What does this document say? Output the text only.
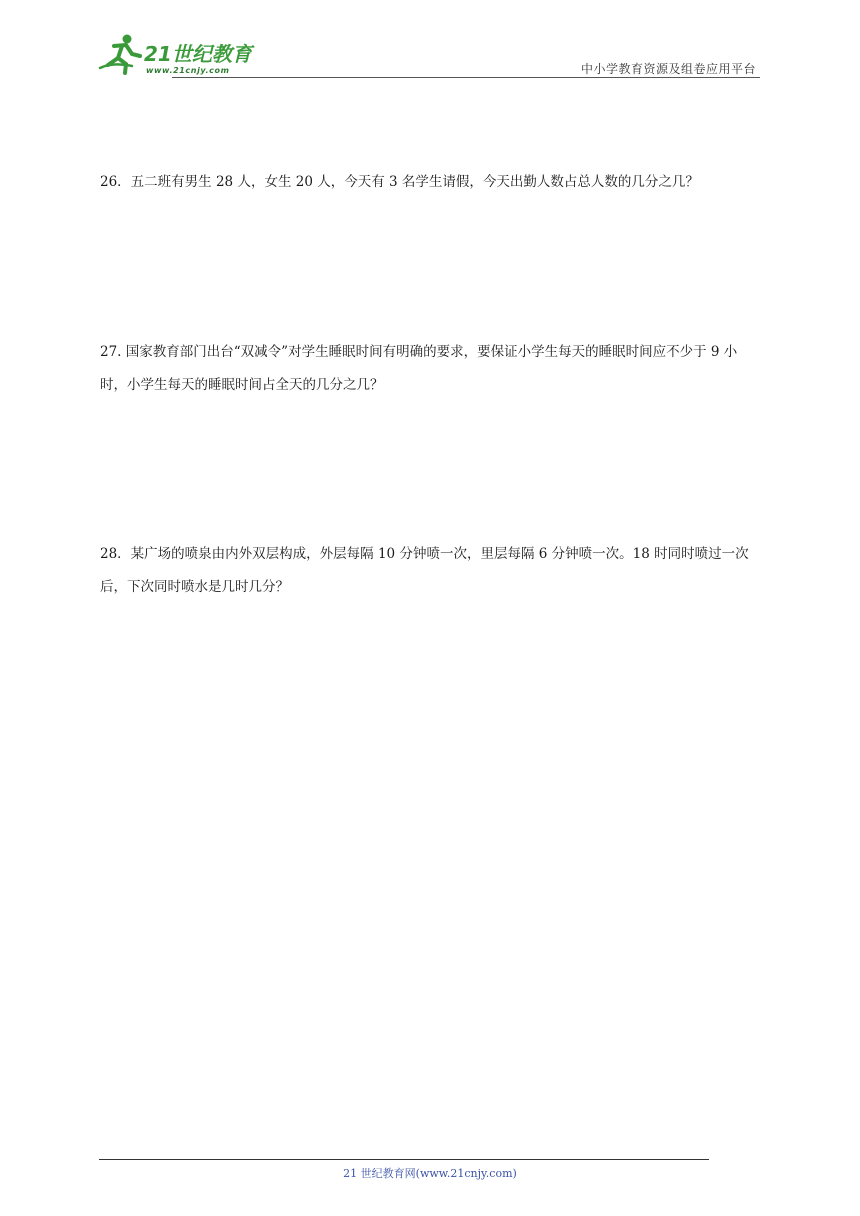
21世纪教育
www.21cnjy.com	中小学教育资源及组卷应用平台
26．五二班有男生 28 人，女生 20 人，今天有 3 名学生请假，今天出勤人数占总人数的几分之几？
27. 国家教育部门出台“双减令”对学生睡眠时间有明确的要求，要保证小学生每天的睡眠时间应不少于 9 小时，小学生每天的睡眠时间占全天的几分之几？
28．某广场的喷泉由内外双层构成，外层每隔 10 分钟喷一次，里层每隔 6 分钟喷一次。18 时同时喷过一次后，下次同时喷水是几时几分？
21 世纪教育网(www.21cnjy.com)
